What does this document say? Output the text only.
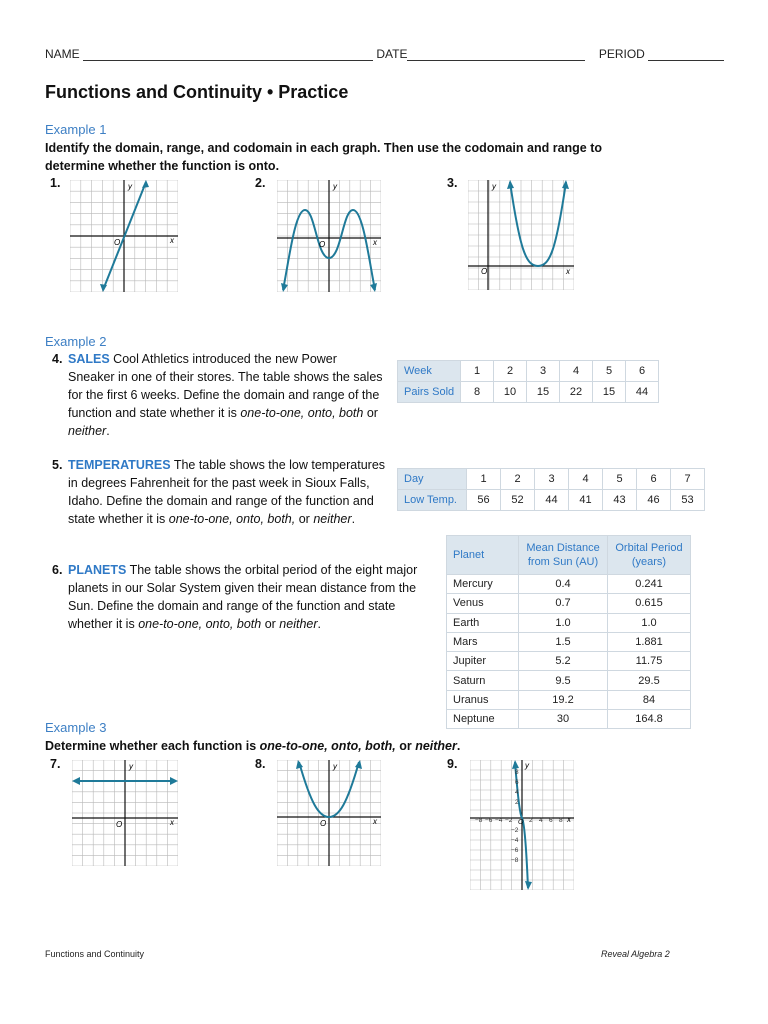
NAME	DATE	PERIOD
Functions and Continuity • Practice
Example 1
Identify the domain, range, and codomain in each graph. Then use the codomain and range to determine whether the function is onto.
1.	2.	3.
O	x
y
O	x
y
O	x
y
Example 2
4. SALES Cool Athletics introduced the new Power Sneaker in one of their stores. The table shows the sales for the first 6 weeks. Define the domain and range of the function and state whether it is one-to-one, onto, both or neither.
Week	1	2	3	4	5	6
Pairs Sold	8	10	15	22	15	44
5. TEMPERATURES The table shows the low temperatures in degrees Fahrenheit for the past week in Sioux Falls, Idaho. Define the domain and range of the function and state whether it is one-to-one, onto, both, or neither.
Day	1	2	3	4	5	6	7
Low Temp.	56	52	44	41	43	46	53
6. PLANETS The table shows the orbital period of the eight major planets in our Solar System given their mean distance from the Sun. Define the domain and range of the function and state whether it is one-to-one, onto, both or neither.
Planet	Mean Distance from Sun (AU)	Orbital Period (years)
Mercury	0.4	0.241
Venus	0.7	0.615
Earth	1.0	1.0
Mars	1.5	1.881
Jupiter	5.2	11.75
Saturn	9.5	29.5
Uranus	19.2	84
Neptune	30	164.8
Example 3
Determine whether each function is one-to-one, onto, both, or neither.
7.	8.	9.
O	x
y
O	x
y
−8 −6 −4 −2	2 4 6 8
8
6
4
2
−2
−4
−6
−8
O	x
y
Functions and Continuity	Reveal Algebra 2
